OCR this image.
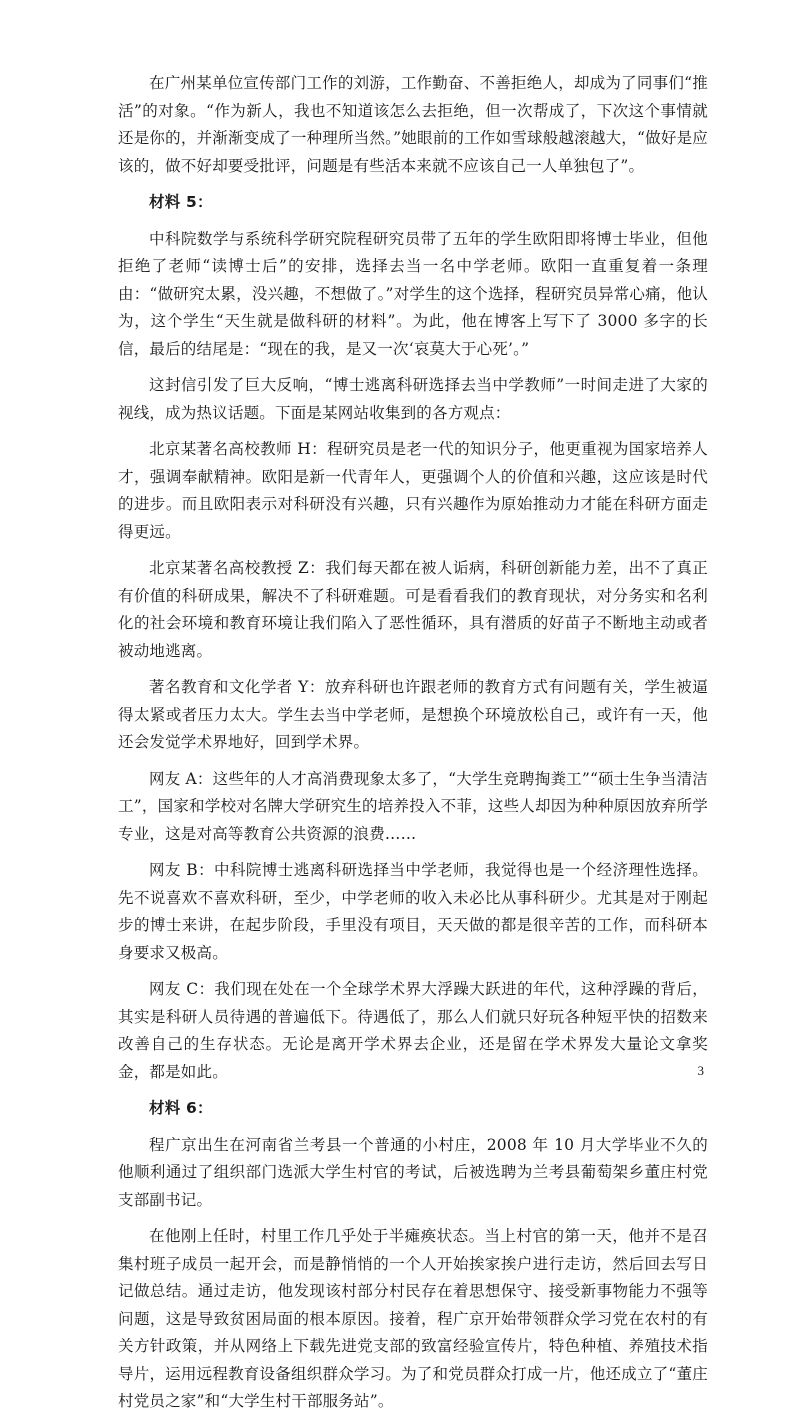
在广州某单位宣传部门工作的刘游，工作勤奋、不善拒绝人，却成为了同事们“推活”的对象。“作为新人，我也不知道该怎么去拒绝，但一次帮成了，下次这个事情就还是你的，并渐渐变成了一种理所当然。”她眼前的工作如雪球般越滚越大，“做好是应该的，做不好却要受批评，问题是有些活本来就不应该自己一人单独包了”。

材料 5：

中科院数学与系统科学研究院程研究员带了五年的学生欧阳即将博士毕业，但他拒绝了老师“读博士后”的安排，选择去当一名中学老师。欧阳一直重复着一条理由：“做研究太累，没兴趣，不想做了。”对学生的这个选择，程研究员异常心痛，他认为，这个学生“天生就是做科研的材料”。为此，他在博客上写下了 3000 多字的长信，最后的结尾是：“现在的我，是又一次‘哀莫大于心死’。”

这封信引发了巨大反响，“博士逃离科研选择去当中学教师”一时间走进了大家的视线，成为热议话题。下面是某网站收集到的各方观点：

北京某著名高校教师 H：程研究员是老一代的知识分子，他更重视为国家培养人才，强调奉献精神。欧阳是新一代青年人，更强调个人的价值和兴趣，这应该是时代的进步。而且欧阳表示对科研没有兴趣，只有兴趣作为原始推动力才能在科研方面走得更远。

北京某著名高校教授 Z：我们每天都在被人诟病，科研创新能力差，出不了真正有价值的科研成果，解决不了科研难题。可是看看我们的教育现状，对分务实和名利化的社会环境和教育环境让我们陷入了恶性循环，具有潜质的好苗子不断地主动或者被动地逃离。

著名教育和文化学者 Y：放弃科研也许跟老师的教育方式有问题有关，学生被逼得太紧或者压力太大。学生去当中学老师，是想换个环境放松自己，或许有一天，他还会发觉学术界地好，回到学术界。

网友 A：这些年的人才高消费现象太多了，“大学生竞聘掏粪工”“硕士生争当清洁工”，国家和学校对名牌大学研究生的培养投入不菲，这些人却因为种种原因放弃所学专业，这是对高等教育公共资源的浪费……

网友 B：中科院博士逃离科研选择当中学老师，我觉得也是一个经济理性选择。先不说喜欢不喜欢科研，至少，中学老师的收入未必比从事科研少。尤其是对于刚起步的博士来讲，在起步阶段，手里没有项目，天天做的都是很辛苦的工作，而科研本身要求又极高。

网友 C：我们现在处在一个全球学术界大浮躁大跃进的年代，这种浮躁的背后，其实是科研人员待遇的普遍低下。待遇低了，那么人们就只好玩各种短平快的招数来改善自己的生存状态。无论是离开学术界去企业，还是留在学术界发大量论文拿奖金，都是如此。

材料 6：

程广京出生在河南省兰考县一个普通的小村庄，2008 年 10 月大学毕业不久的他顺利通过了组织部门选派大学生村官的考试，后被选聘为兰考县葡萄架乡董庄村党支部副书记。

在他刚上任时，村里工作几乎处于半瘫痪状态。当上村官的第一天，他并不是召集村班子成员一起开会，而是静悄悄的一个人开始挨家挨户进行走访，然后回去写日记做总结。通过走访，他发现该村部分村民存在着思想保守、接受新事物能力不强等问题，这是导致贫困局面的根本原因。接着，程广京开始带领群众学习党在农村的有关方针政策，并从网络上下载先进党支部的致富经验宣传片，特色种植、养殖技术指导片，运用远程教育设备组织群众学习。为了和党员群众打成一片，他还成立了“董庄村党员之家”和“大学生村干部服务站”。

3
